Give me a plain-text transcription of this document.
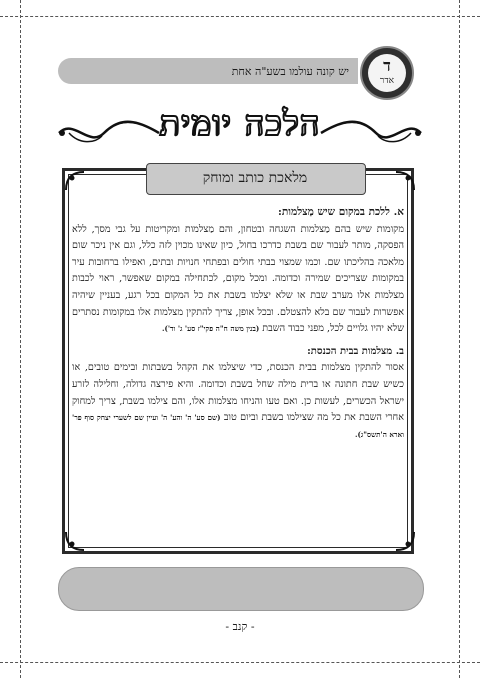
יש קונה עולמו בשע"ה אחת	ד
אדר
הלכה יומית
מלאכת כותב ומוחק

א. ללכת במקום שיש מַצלמות:
מקומות שיש בהם מַצלמות השגחה ובטחון, והם מַצלמות ומקריטות על גבי מסך, ללא הפסקה, מותר לעבור שם בשבת כדרכו בחול, כיון שאינו מכוין לזה כלל, וגם אין ניכר שום מלאכה בהליכתו שם. וכמו שמצוי בבתי חולים ובפתחי חנויות ובתים, ואפילו ברחובות עיר במקומות שצריכים שמירה וכדומה. ומכל מקום, לכתחילה במקום שאפשר, ראוי לכבות מצלמות אלו מערב שבת או שלא יצלמו בשבת את כל המקום בכל רגע, בעניין שיהיה אפשרות לעבור שם בלא להצטלם. ובכל אופן, צריך להתקין מצלמות אלו במקומות נסתרים שלא יהיו גלויים לכל, מפני כבוד השבת (בנין משה ח"ה פקי"ז סע' ג' וד').

ב. מצלמות בבית הכנסת:
אסור להתקין מצלמות בבית הכנסת, כדי שיצלמו את הקהל בשבתות ובימים טובים, או כשיש שבת חתונה או ברית מילה שחל בשבת וכדומה. והיא פירצה גדולה, וחלילה לזרע ישראל הכשרים, לעשות כן. ואם טעו והניחו מצלמות אלו, והם צילמו בשבת, צריך למחוק אחרי השבת את כל מה שצילמו בשבת וביום טוב (שם סע' ה' והע' ה' ועיין שם לשערי יצחק סוף פר' וארא ה'תשס"ג).

- קנב -
